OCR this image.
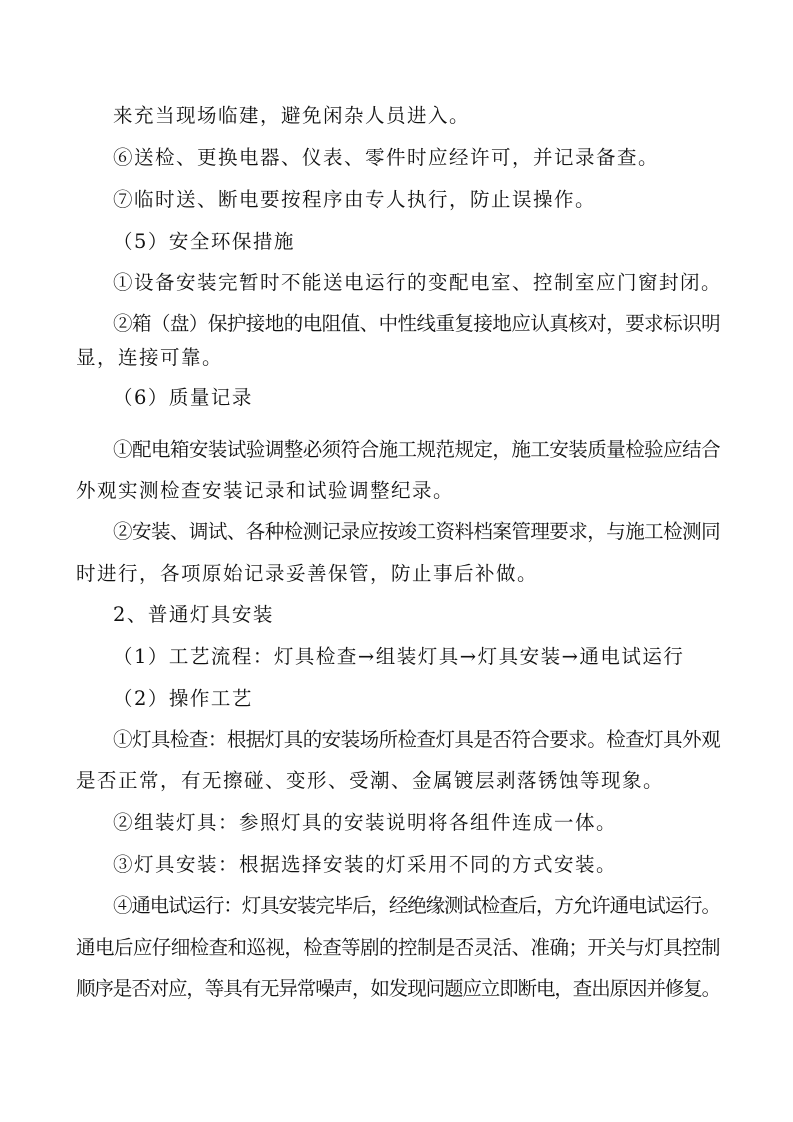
来充当现场临建，避免闲杂人员进入。
⑥送检、更换电器、仪表、零件时应经许可，并记录备查。
⑦临时送、断电要按程序由专人执行，防止误操作。
（5）安全环保措施
①设备安装完暂时不能送电运行的变配电室、控制室应门窗封闭。
②箱（盘）保护接地的电阻值、中性线重复接地应认真核对，要求标识明
显，连接可靠。
（6）质量记录
①配电箱安装试验调整必须符合施工规范规定，施工安装质量检验应结合
外观实测检查安装记录和试验调整纪录。
②安装、调试、各种检测记录应按竣工资料档案管理要求，与施工检测同
时进行，各项原始记录妥善保管，防止事后补做。
2、普通灯具安装
（1）工艺流程：灯具检查→组装灯具→灯具安装→通电试运行
（2）操作工艺
①灯具检查：根据灯具的安装场所检查灯具是否符合要求。检查灯具外观
是否正常，有无擦碰、变形、受潮、金属镀层剥落锈蚀等现象。
②组装灯具：参照灯具的安装说明将各组件连成一体。
③灯具安装：根据选择安装的灯采用不同的方式安装。
④通电试运行：灯具安装完毕后，经绝缘测试检查后，方允许通电试运行。
通电后应仔细检查和巡视，检查等剧的控制是否灵活、准确；开关与灯具控制
顺序是否对应，等具有无异常噪声，如发现问题应立即断电，查出原因并修复。
